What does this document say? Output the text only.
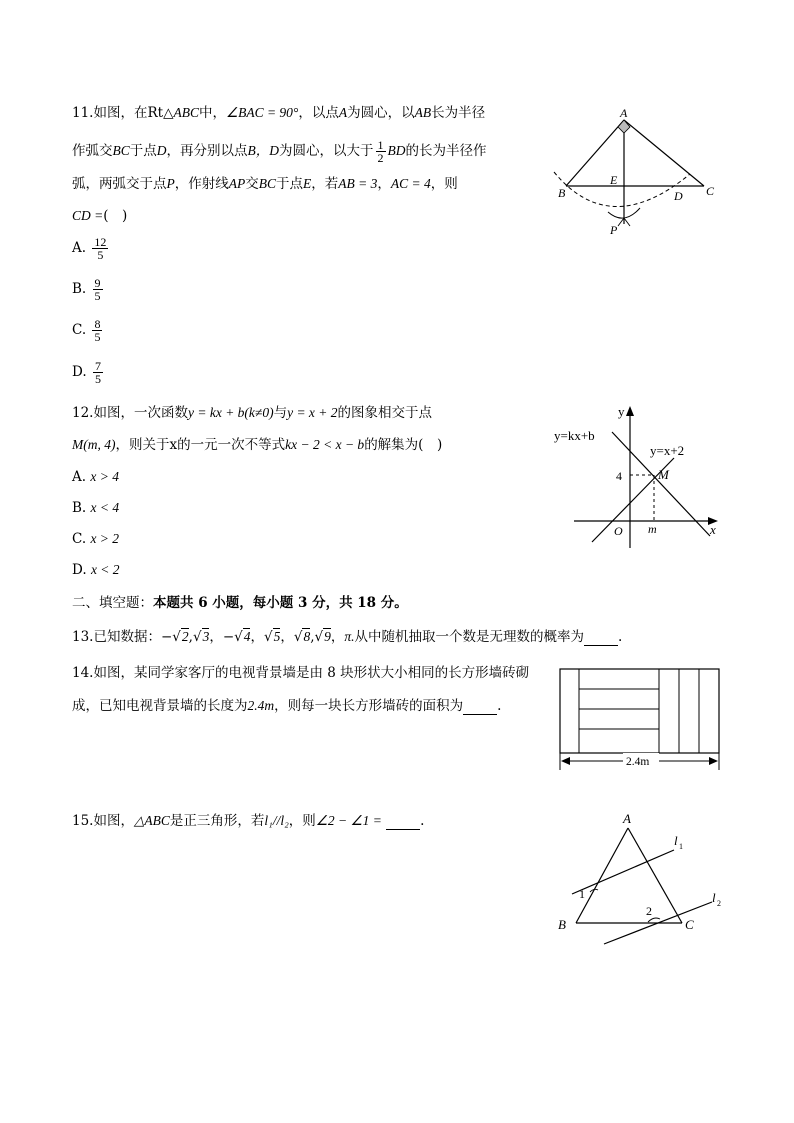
11.如图，在Rt△ABC中，∠BAC = 90°，以点A为圆心，以AB长为半径
作弧交BC于点D，再分别以点B，D为圆心，以大于 $\frac{1}{2}$ BD的长为半径作
弧，两弧交于点P，作射线AP交BC于点E，若AB = 3，AC = 4，则
CD =(　)
A. $\frac{12}{5}$
B. $\frac{9}{5}$
C. $\frac{8}{5}$
D. $\frac{7}{5}$
A
B	C
D
E
P
12.如图，一次函数y = kx + b(k≠0)与y = x + 2的图象相交于点
M(m, 4)，则关于x的一元一次不等式kx − 2 < x − b的解集为(　)
A. x > 4
B. x < 4
C. x > 2
D. x < 2
y
x
y=kx+b
y=x+2
4	M
O m
二、填空题：本题共 6 小题，每小题 3 分，共 18 分。
13.已知数据：−√2,√3，−√4，√5，√8,√9，π.从中随机抽取一个数是无理数的概率为	.
14.如图，某同学家客厅的电视背景墙是由 8 块形状大小相同的长方形墙砖砌
成，已知电视背景墙的长度为2.4m，则每一块长方形墙砖的面积为	.
2.4m
15.如图，△ABC是正三角形，若l₁//l₂，则∠2 − ∠1 =	.	A
B	C
l 1
l 2
1
2
